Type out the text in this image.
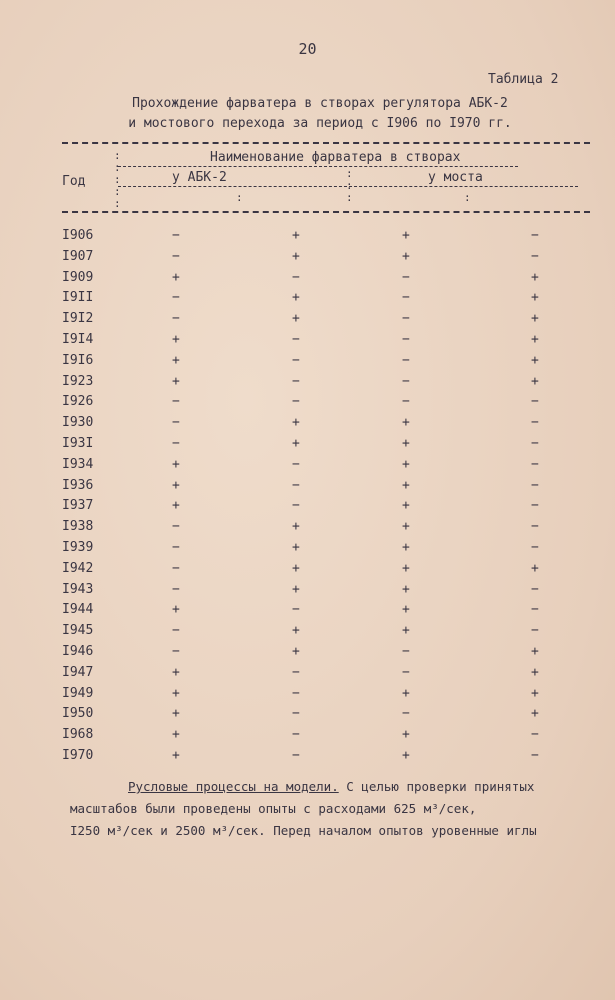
20
Таблица 2
Прохождение фарватера в створах регулятора АБК-2
и мостового перехода за период с I906 по I970 гг.
Год
Наименование фарватера в створах
у АБК-2	у моста
:
:
:
:
:
:
:
:
:	:
I906	−	+	+	−
I907	−	+	+	−
I909	+	−	−	+
I9II	−	+	−	+
I9I2	−	+	−	+
I9I4	+	−	−	+
I9I6	+	−	−	+
I923	+	−	−	+
I926	−	−	−	−
I930	−	+	+	−
I93I	−	+	+	−
I934	+	−	+	−
I936	+	−	+	−
I937	+	−	+	−
I938	−	+	+	−
I939	−	+	+	−
I942	−	+	+	+
I943	−	+	+	−
I944	+	−	+	−
I945	−	+	+	−
I946	−	+	−	+
I947	+	−	−	+
I949	+	−	+	+
I950	+	−	−	+
I968	+	−	+	−
I970	+	−	+	−
Русловые процессы на модели. С целью проверки принятых
масштабов были проведены опыты с расходами 625 м³/сек,
I250 м³/сек и 2500 м³/сек. Перед началом опытов уровенные иглы
